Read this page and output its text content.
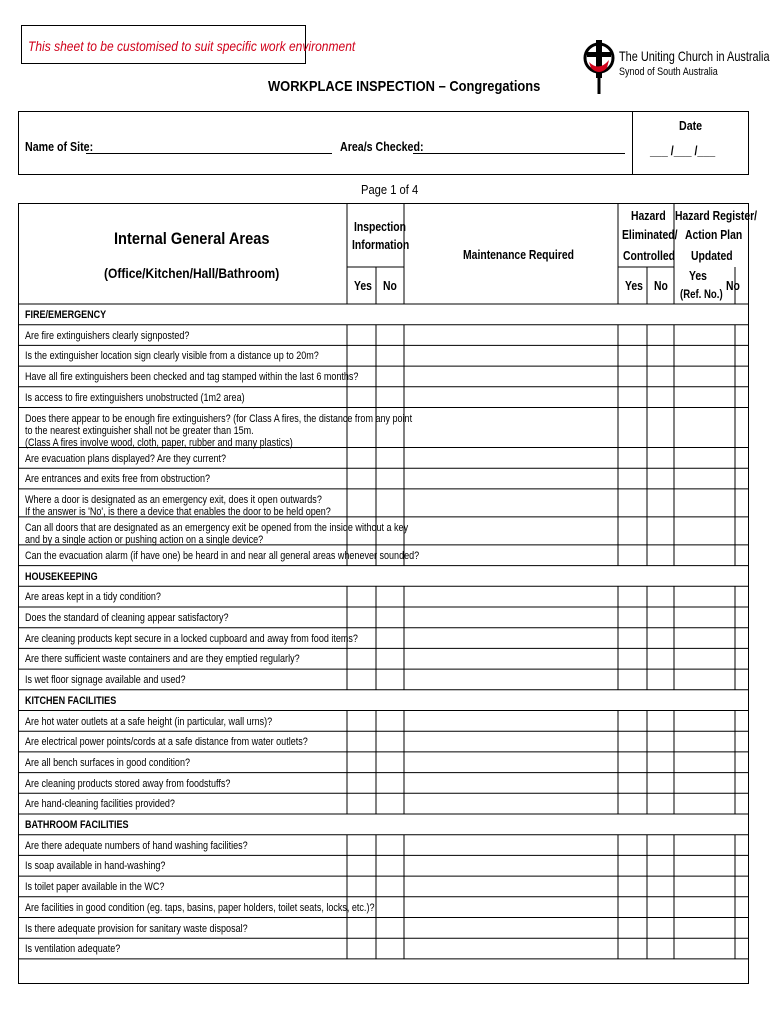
This sheet to be customised to suit specific work environment
The Uniting Church in Australia
Synod of South Australia
WORKPLACE INSPECTION – Congregations
Name of Site:	Area/s Checked:
Date
___ /___ /___
Page 1 of 4
Internal General Areas
(Office/Kitchen/Hall/Bathroom)
Inspection
Information
Yes No
Maintenance Required
Hazard
Eliminated/
Controlled
Yes No
Hazard Register/
Action Plan
Updated
Yes
(Ref. No.)
No
FIRE/EMERGENCY
Are fire extinguishers clearly signposted?
Is the extinguisher location sign clearly visible from a distance up to 20m?
Have all fire extinguishers been checked and tag stamped within the last 6 months?
Is access to fire extinguishers unobstructed (1m2 area)
Does there appear to be enough fire extinguishers? (for Class A fires, the distance from any point
to the nearest extinguisher shall not be greater than 15m.
(Class A fires involve wood, cloth, paper, rubber and many plastics)
Are evacuation plans displayed? Are they current?
Are entrances and exits free from obstruction?
Where a door is designated as an emergency exit, does it open outwards?
If the answer is 'No', is there a device that enables the door to be held open?
Can all doors that are designated as an emergency exit be opened from the inside without a key
and by a single action or pushing action on a single device?
Can the evacuation alarm (if have one) be heard in and near all general areas whenever sounded?
HOUSEKEEPING
Are areas kept in a tidy condition?
Does the standard of cleaning appear satisfactory?
Are cleaning products kept secure in a locked cupboard and away from food items?
Are there sufficient waste containers and are they emptied regularly?
Is wet floor signage available and used?
KITCHEN FACILITIES
Are hot water outlets at a safe height (in particular, wall urns)?
Are electrical power points/cords at a safe distance from water outlets?
Are all bench surfaces in good condition?
Are cleaning products stored away from foodstuffs?
Are hand-cleaning facilities provided?
BATHROOM FACILITIES
Are there adequate numbers of hand washing facilities?
Is soap available in hand-washing?
Is toilet paper available in the WC?
Are facilities in good condition (eg. taps, basins, paper holders, toilet seats, locks, etc.)?
Is there adequate provision for sanitary waste disposal?
Is ventilation adequate?
